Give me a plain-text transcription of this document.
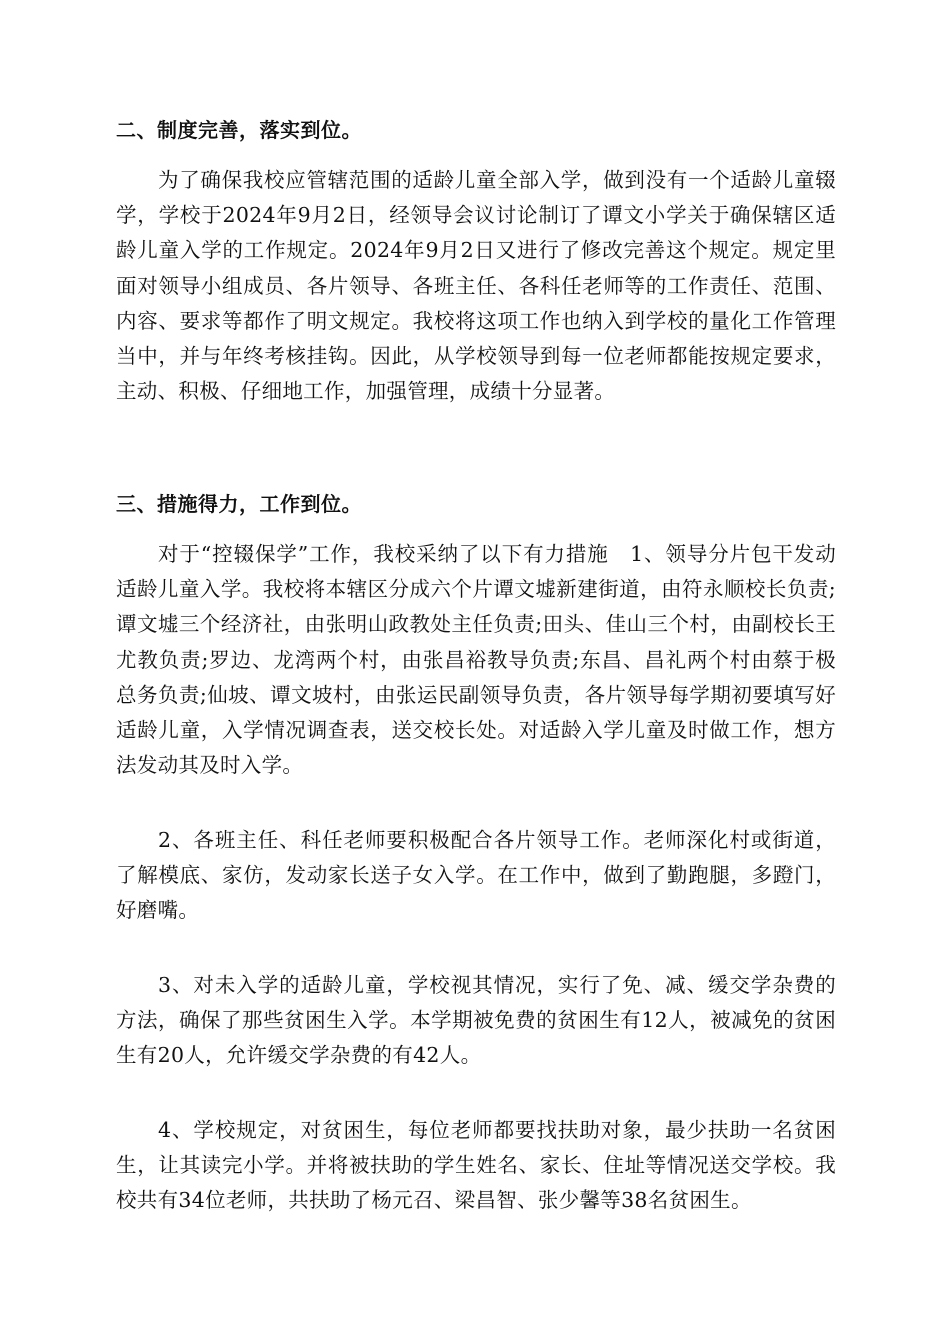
二、制度完善，落实到位。

为了确保我校应管辖范围的适龄儿童全部入学，做到没有一个适龄儿童辍学，学校于2024年9月2日，经领导会议讨论制订了谭文小学关于确保辖区适龄儿童入学的工作规定。2024年9月2日又进行了修改完善这个规定。规定里面对领导小组成员、各片领导、各班主任、各科任老师等的工作责任、范围、内容、要求等都作了明文规定。我校将这项工作也纳入到学校的量化工作管理当中，并与年终考核挂钩。因此，从学校领导到每一位老师都能按规定要求，主动、积极、仔细地工作，加强管理，成绩十分显著。

三、措施得力，工作到位。

对于“控辍保学”工作，我校采纳了以下有力措施　1、领导分片包干发动适龄儿童入学。我校将本辖区分成六个片谭文墟新建街道，由符永顺校长负责;谭文墟三个经济社，由张明山政教处主任负责;田头、佳山三个村，由副校长王尤教负责;罗边、龙湾两个村，由张昌裕教导负责;东昌、昌礼两个村由蔡于极总务负责;仙坡、谭文坡村，由张运民副领导负责，各片领导每学期初要填写好适龄儿童，入学情况调查表，送交校长处。对适龄入学儿童及时做工作，想方法发动其及时入学。

2、各班主任、科任老师要积极配合各片领导工作。老师深化村或街道，了解模底、家仿，发动家长送子女入学。在工作中，做到了勤跑腿，多蹬门，好磨嘴。

3、对未入学的适龄儿童，学校视其情况，实行了免、减、缓交学杂费的方法，确保了那些贫困生入学。本学期被免费的贫困生有12人，被减免的贫困生有20人，允许缓交学杂费的有42人。

4、学校规定，对贫困生，每位老师都要找扶助对象，最少扶助一名贫困生，让其读完小学。并将被扶助的学生姓名、家长、住址等情况送交学校。我校共有34位老师，共扶助了杨元召、梁昌智、张少馨等38名贫困生。
